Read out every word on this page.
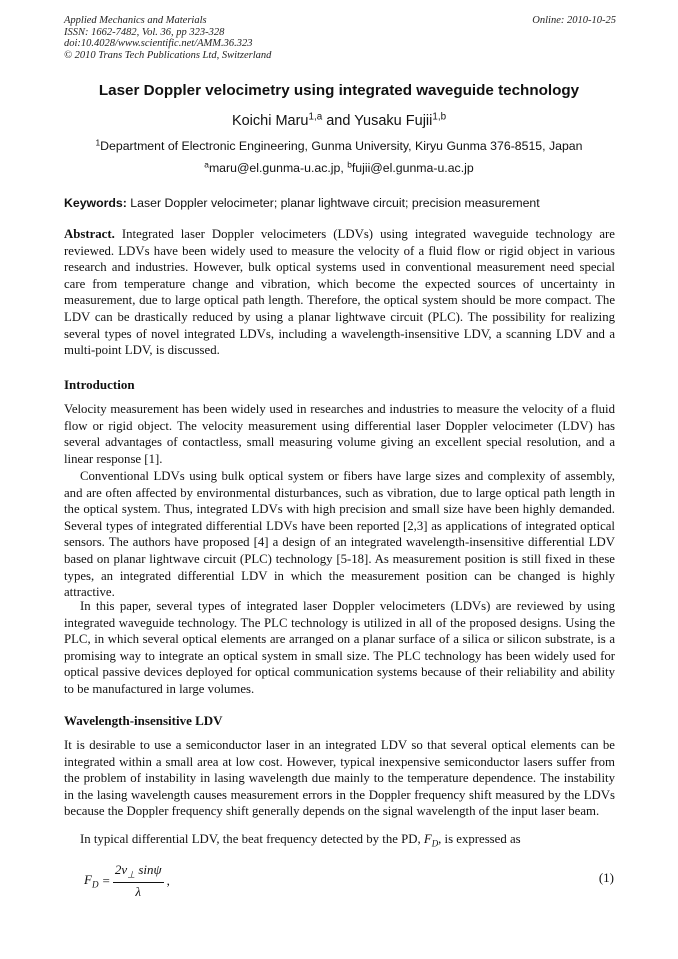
Applied Mechanics and Materials
ISSN: 1662-7482, Vol. 36, pp 323-328
doi:10.4028/www.scientific.net/AMM.36.323
© 2010 Trans Tech Publications Ltd, Switzerland
Online: 2010-10-25
Laser Doppler velocimetry using integrated waveguide technology
Koichi Maru$^{1,a}$ and Yusaku Fujii$^{1,b}$
$^1$Department of Electronic Engineering, Gunma University, Kiryu Gunma 376-8515, Japan
$^a$maru@el.gunma-u.ac.jp, $^b$fujii@el.gunma-u.ac.jp
Keywords: Laser Doppler velocimeter; planar lightwave circuit; precision measurement
Abstract. Integrated laser Doppler velocimeters (LDVs) using integrated waveguide technology are reviewed. LDVs have been widely used to measure the velocity of a fluid flow or rigid object in various research and industries. However, bulk optical systems used in conventional measurement need special care from temperature change and vibration, which become the expected sources of uncertainty in measurement, due to large optical path length. Therefore, the optical system should be more compact. The LDV can be drastically reduced by using a planar lightwave circuit (PLC). The possibility for realizing several types of novel integrated LDVs, including a wavelength-insensitive LDV, a scanning LDV and a multi-point LDV, is discussed.
Introduction
Velocity measurement has been widely used in researches and industries to measure the velocity of a fluid flow or rigid object. The velocity measurement using differential laser Doppler velocimeter (LDV) has several advantages of contactless, small measuring volume giving an excellent special resolution, and a linear response [1].
Conventional LDVs using bulk optical system or fibers have large sizes and complexity of assembly, and are often affected by environmental disturbances, such as vibration, due to large optical path length in the optical system. Thus, integrated LDVs with high precision and small size have been highly demanded. Several types of integrated differential LDVs have been reported [2,3] as applications of integrated optical sensors. The authors have proposed [4] a design of an integrated wavelength-insensitive differential LDV based on planar lightwave circuit (PLC) technology [5-18]. As measurement position is still fixed in these types, an integrated differential LDV in which the measurement position can be changed is highly attractive.
In this paper, several types of integrated laser Doppler velocimeters (LDVs) are reviewed by using integrated waveguide technology. The PLC technology is utilized in all of the proposed designs. Using the PLC, in which several optical elements are arranged on a planar surface of a silica or silicon substrate, is a promising way to integrate an optical system in small size. The PLC technology has been widely used for optical passive devices deployed for optical communication systems because of their reliability and ability to be manufactured in large volumes.
Wavelength-insensitive LDV
It is desirable to use a semiconductor laser in an integrated LDV so that several optical elements can be integrated within a small area at low cost. However, typical inexpensive semiconductor lasers suffer from the problem of instability in lasing wavelength due mainly to the temperature dependence. The instability in the lasing wavelength causes measurement errors in the Doppler frequency shift measured by the LDVs because the Doppler frequency shift generally depends on the signal wavelength of the input laser beam.
In typical differential LDV, the beat frequency detected by the PD, $F_D$, is expressed as
$F_D = \frac{2v_\perp \sin\psi}{\lambda}$ ,	(1)
